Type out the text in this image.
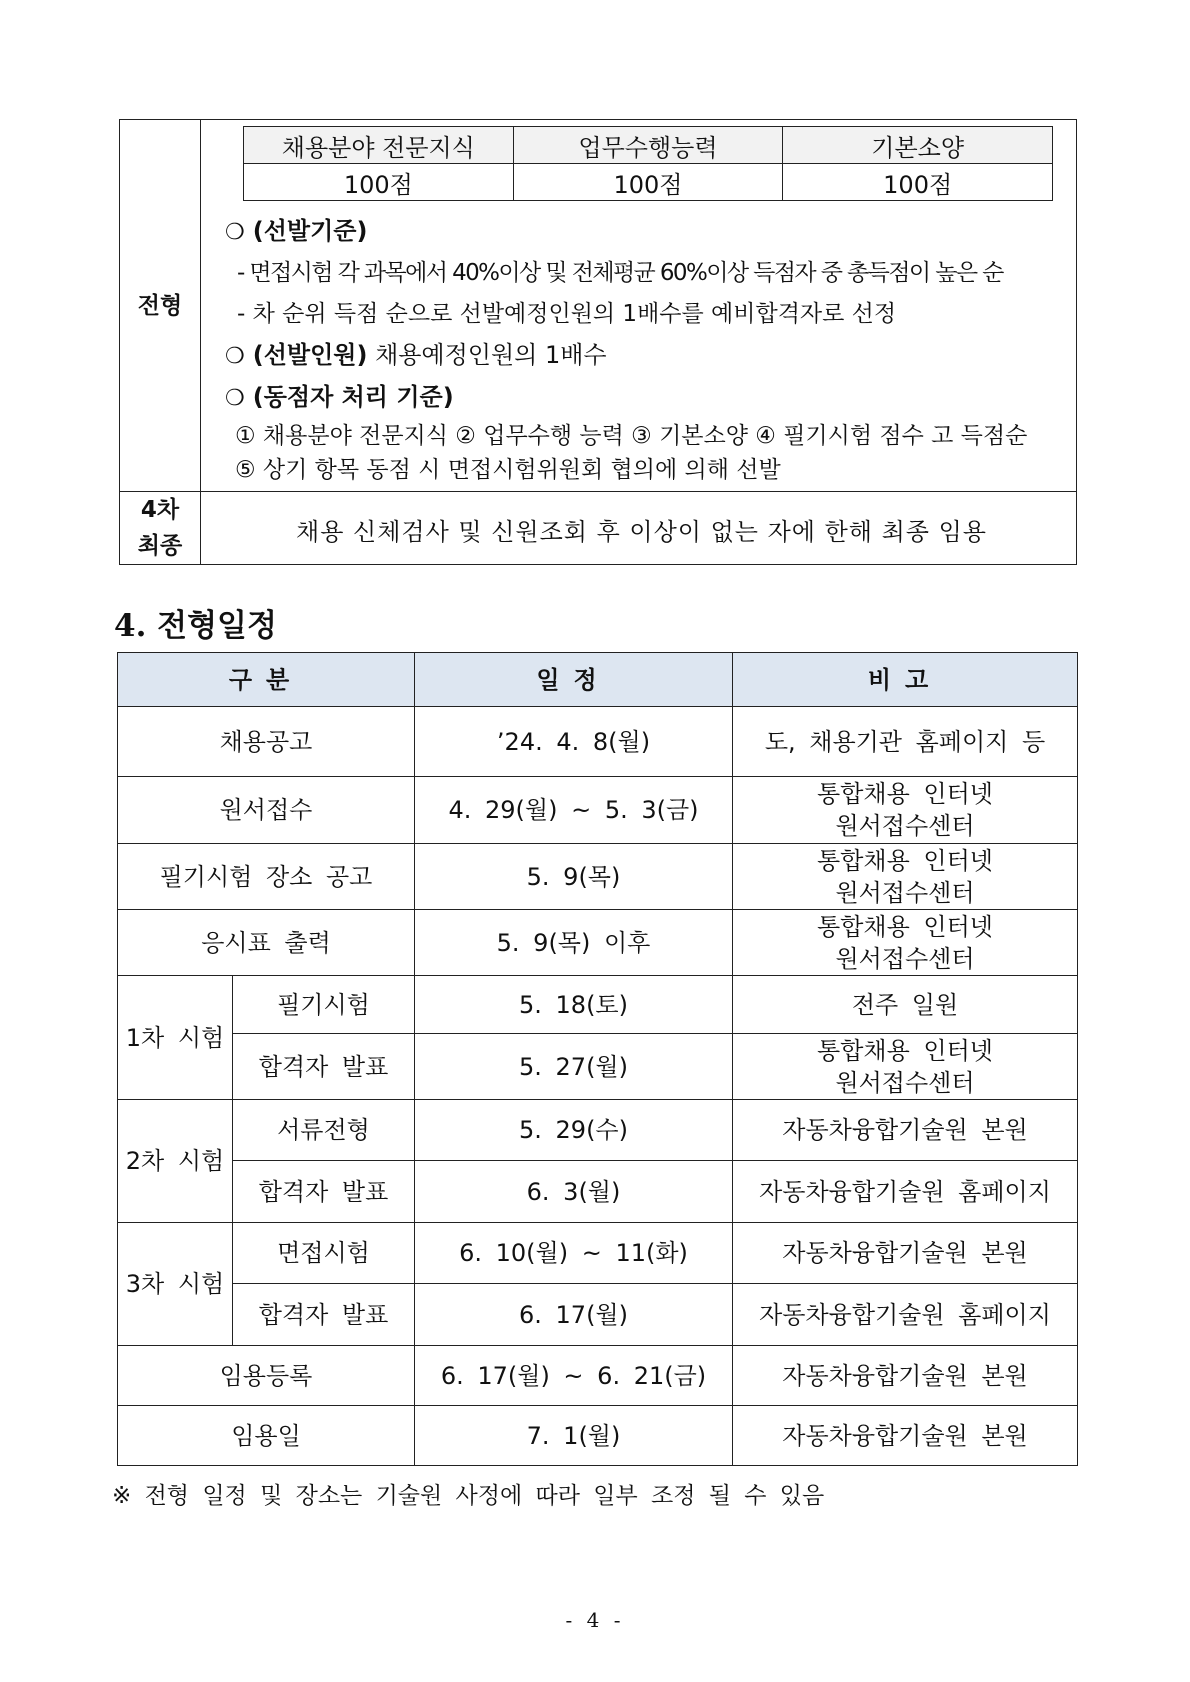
전형	
채용분야 전문지식	업무수행능력	기본소양
100점	100점	100점
❍ (선발기준)
- 면접시험 각 과목에서 40%이상 및 전체평균 60%이상 득점자 중 총득점이 높은 순
- 차 순위 득점 순으로 선발예정인원의 1배수를 예비합격자로 선정
❍ (선발인원) 채용예정인원의 1배수
❍ (동점자 처리 기준)
① 채용분야 전문지식 ② 업무수행 능력 ③ 기본소양 ④ 필기시험 점수 고 득점순
⑤ 상기 항목 동점 시 면접시험위원회 협의에 의해 선발

4차
최종
	채용 신체검사 및 신원조회 후 이상이 없는 자에 한해 최종 임용
4. 전형일정
구분		일정	비고
채용공고		’24. 4. 8(월)	도, 채용기관 홈페이지 등

원서접수		4. 29(월) ~ 5. 3(금)	통합채용 인터넷
원서접수센터

필기시험 장소 공고		5. 9(목)	통합채용 인터넷
원서접수센터

응시표 출력		5. 9(목) 이후	통합채용 인터넷
원서접수센터

1차 시험	필기시험	5. 18(토)	전주 일원

	합격자 발표	5. 27(월)	통합채용 인터넷
원서접수센터

2차 시험	서류전형	5. 29(수)	자동차융합기술원 본원

	합격자 발표	6. 3(월)	자동차융합기술원 홈페이지

3차 시험	면접시험	6. 10(월) ~ 11(화)	자동차융합기술원 본원

	합격자 발표	6. 17(월)	자동차융합기술원 홈페이지

임용등록		6. 17(월) ~ 6. 21(금)	자동차융합기술원 본원

임용일		7. 1(월)	자동차융합기술원 본원
※ 전형 일정 및 장소는 기술원 사정에 따라 일부 조정 될 수 있음
- 4 -
